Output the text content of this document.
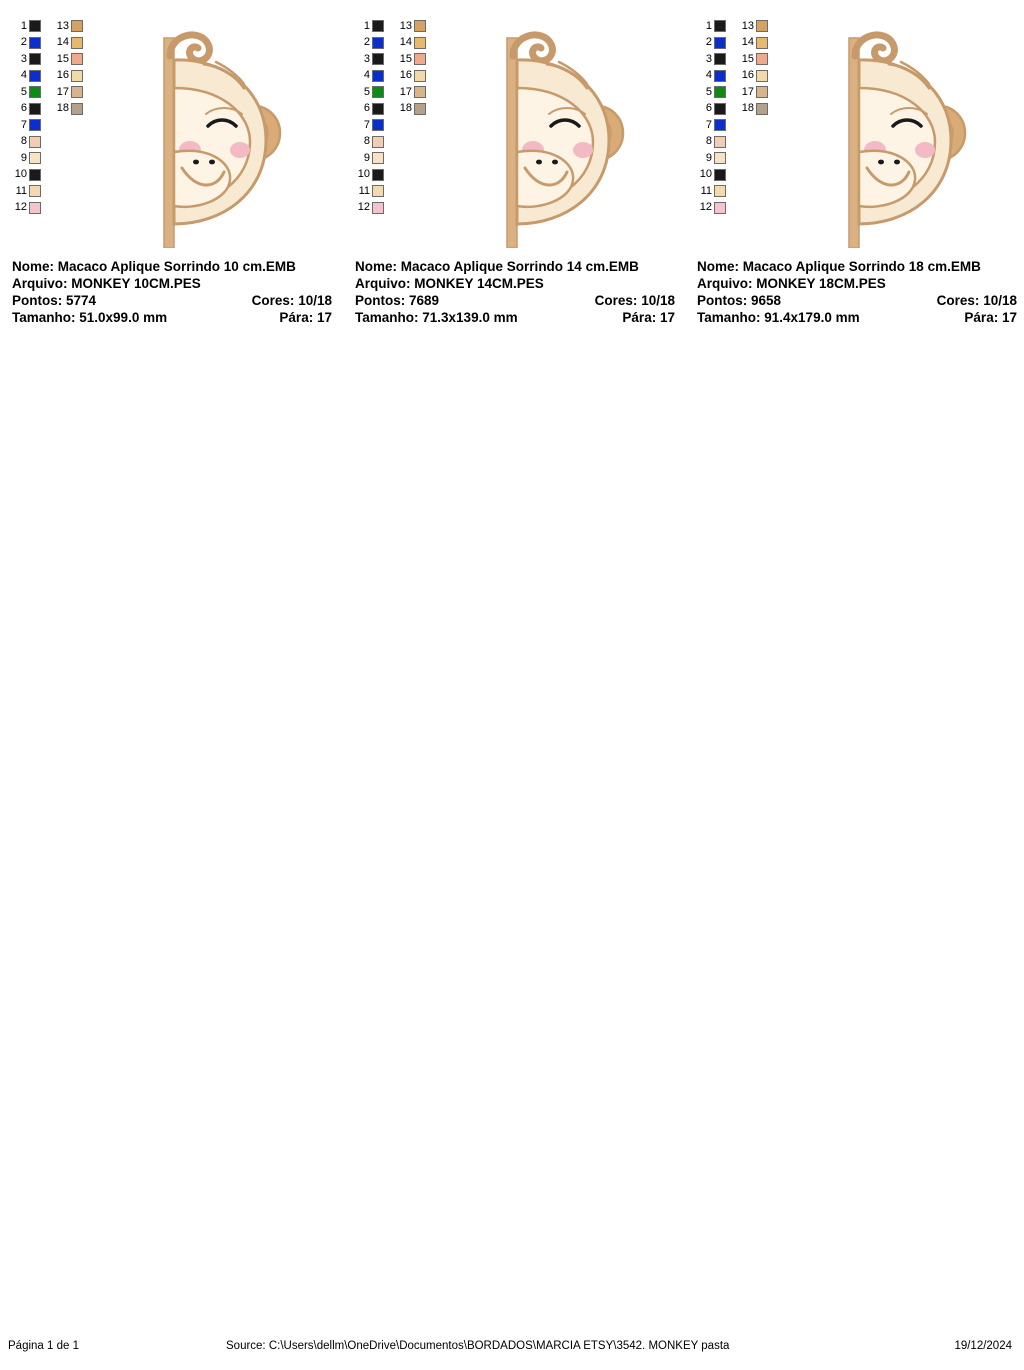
1
2
3
4
5
6
7
8
9
10
11
12
13
14
15
16
17
18
Nome: Macaco Aplique Sorrindo 10 cm.EMB
Arquivo: MONKEY 10CM.PES
Pontos: 5774	Cores: 10/18
Tamanho: 51.0x99.0 mm	Pára: 17
1
2
3
4
5
6
7
8
9
10
11
12
13
14
15
16
17
18
Nome: Macaco Aplique Sorrindo 14 cm.EMB
Arquivo: MONKEY 14CM.PES
Pontos: 7689	Cores: 10/18
Tamanho: 71.3x139.0 mm	Pára: 17
1
2
3
4
5
6
7
8
9
10
11
12
13
14
15
16
17
18
Nome: Macaco Aplique Sorrindo 18 cm.EMB
Arquivo: MONKEY 18CM.PES
Pontos: 9658	Cores: 10/18
Tamanho: 91.4x179.0 mm	Pára: 17
Página 1 de 1	Source: C:\Users\dellm\OneDrive\Documentos\BORDADOS\MARCIA ETSY\3542. MONKEY pasta	19/12/2024
